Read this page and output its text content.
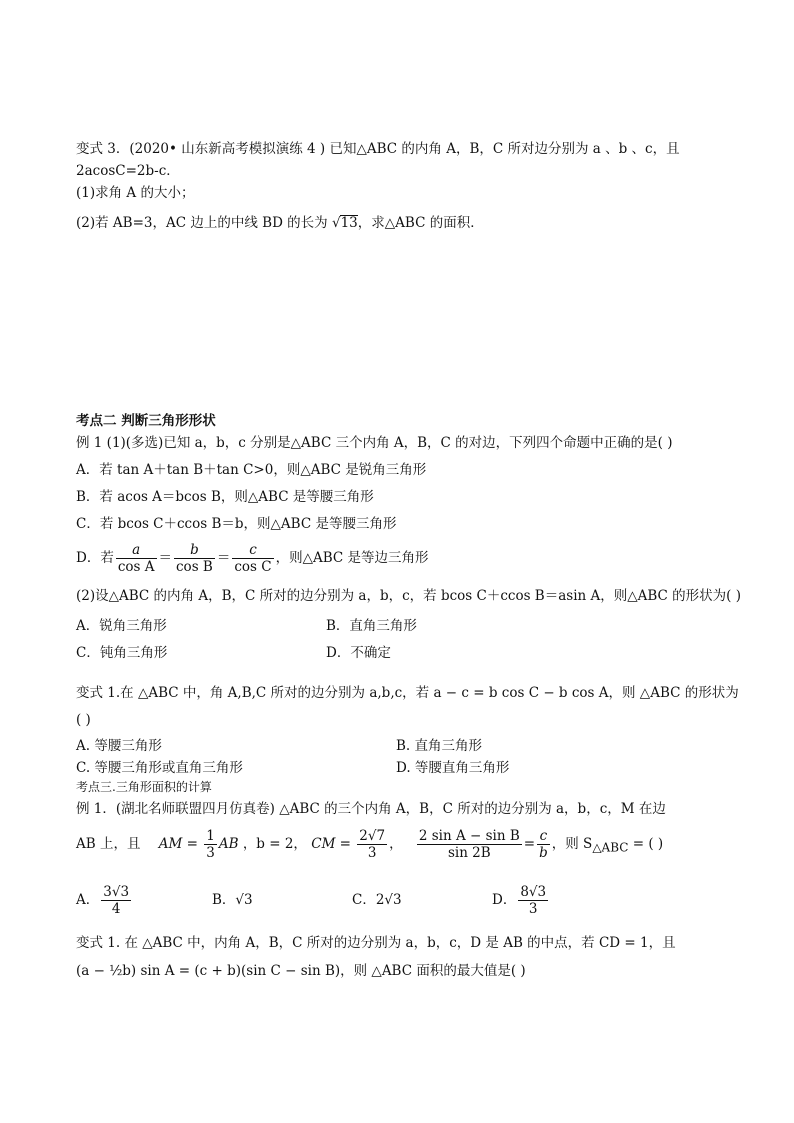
变式 3．(2020• 山东新高考模拟演练 4 ) 已知△ABC 的内角 A，B，C 所对边分别为 a 、b 、c，且
2acosC=2b-c．
(1)求角 A 的大小；
(2)若 AB=3，AC 边上的中线 BD 的长为 √13，求△ABC 的面积．
考点二 判断三角形形状
例 1 (1)(多选)已知 a，b，c 分别是△ABC 三个内角 A，B，C 的对边，下列四个命题中正确的是( )
A．若 tan A＋tan B＋tan C>0，则△ABC 是锐角三角形
B．若 acos A＝bcos B，则△ABC 是等腰三角形
C．若 bcos C＋ccos B＝b，则△ABC 是等腰三角形
D．若 $\frac{a}{\text{cos A}} = \frac{b}{\text{cos B}} = \frac{c}{\text{cos C}}$ ，则△ABC 是等边三角形
(2)设△ABC 的内角 A，B，C 所对的边分别为 a，b，c，若 bcos C＋ccos B＝asin A，则△ABC 的形状为( )
A．锐角三角形	B．直角三角形
C．钝角三角形	D．不确定
变式 1.在 △ABC 中，角 A,B,C 所对的边分别为 a,b,c，若 a − c = b cos C − b cos A，则 △ABC 的形状为
( )
A. 等腰三角形	B. 直角三角形
C. 等腰三角形或直角三角形	D. 等腰直角三角形
考点三.三角形面积的计算
例 1．(湖北名师联盟四月仿真卷) △ABC 的三个内角 A，B，C 所对的边分别为 a，b，c，M 在边
AB 上，且 AM = $\frac{1}{3}$ AB ，b = 2， CM = $\frac{2√7}{3}$ ， $\frac{\text{2 sin A − sin B}}{\sin 2B} = \frac{c}{b}$ ，则 $S_{\triangle ABC}$ = ( )
A． $\frac{3√3}{4}$	B．√3	C．2√3	D． $\frac{8√3}{3}$
变式 1. 在 △ABC 中，内角 A，B，C 所对的边分别为 a，b，c，D 是 AB 的中点，若 CD = 1，且
(a − ½b) sin A = (c + b)(sin C − sin B)，则 △ABC 面积的最大值是( )
